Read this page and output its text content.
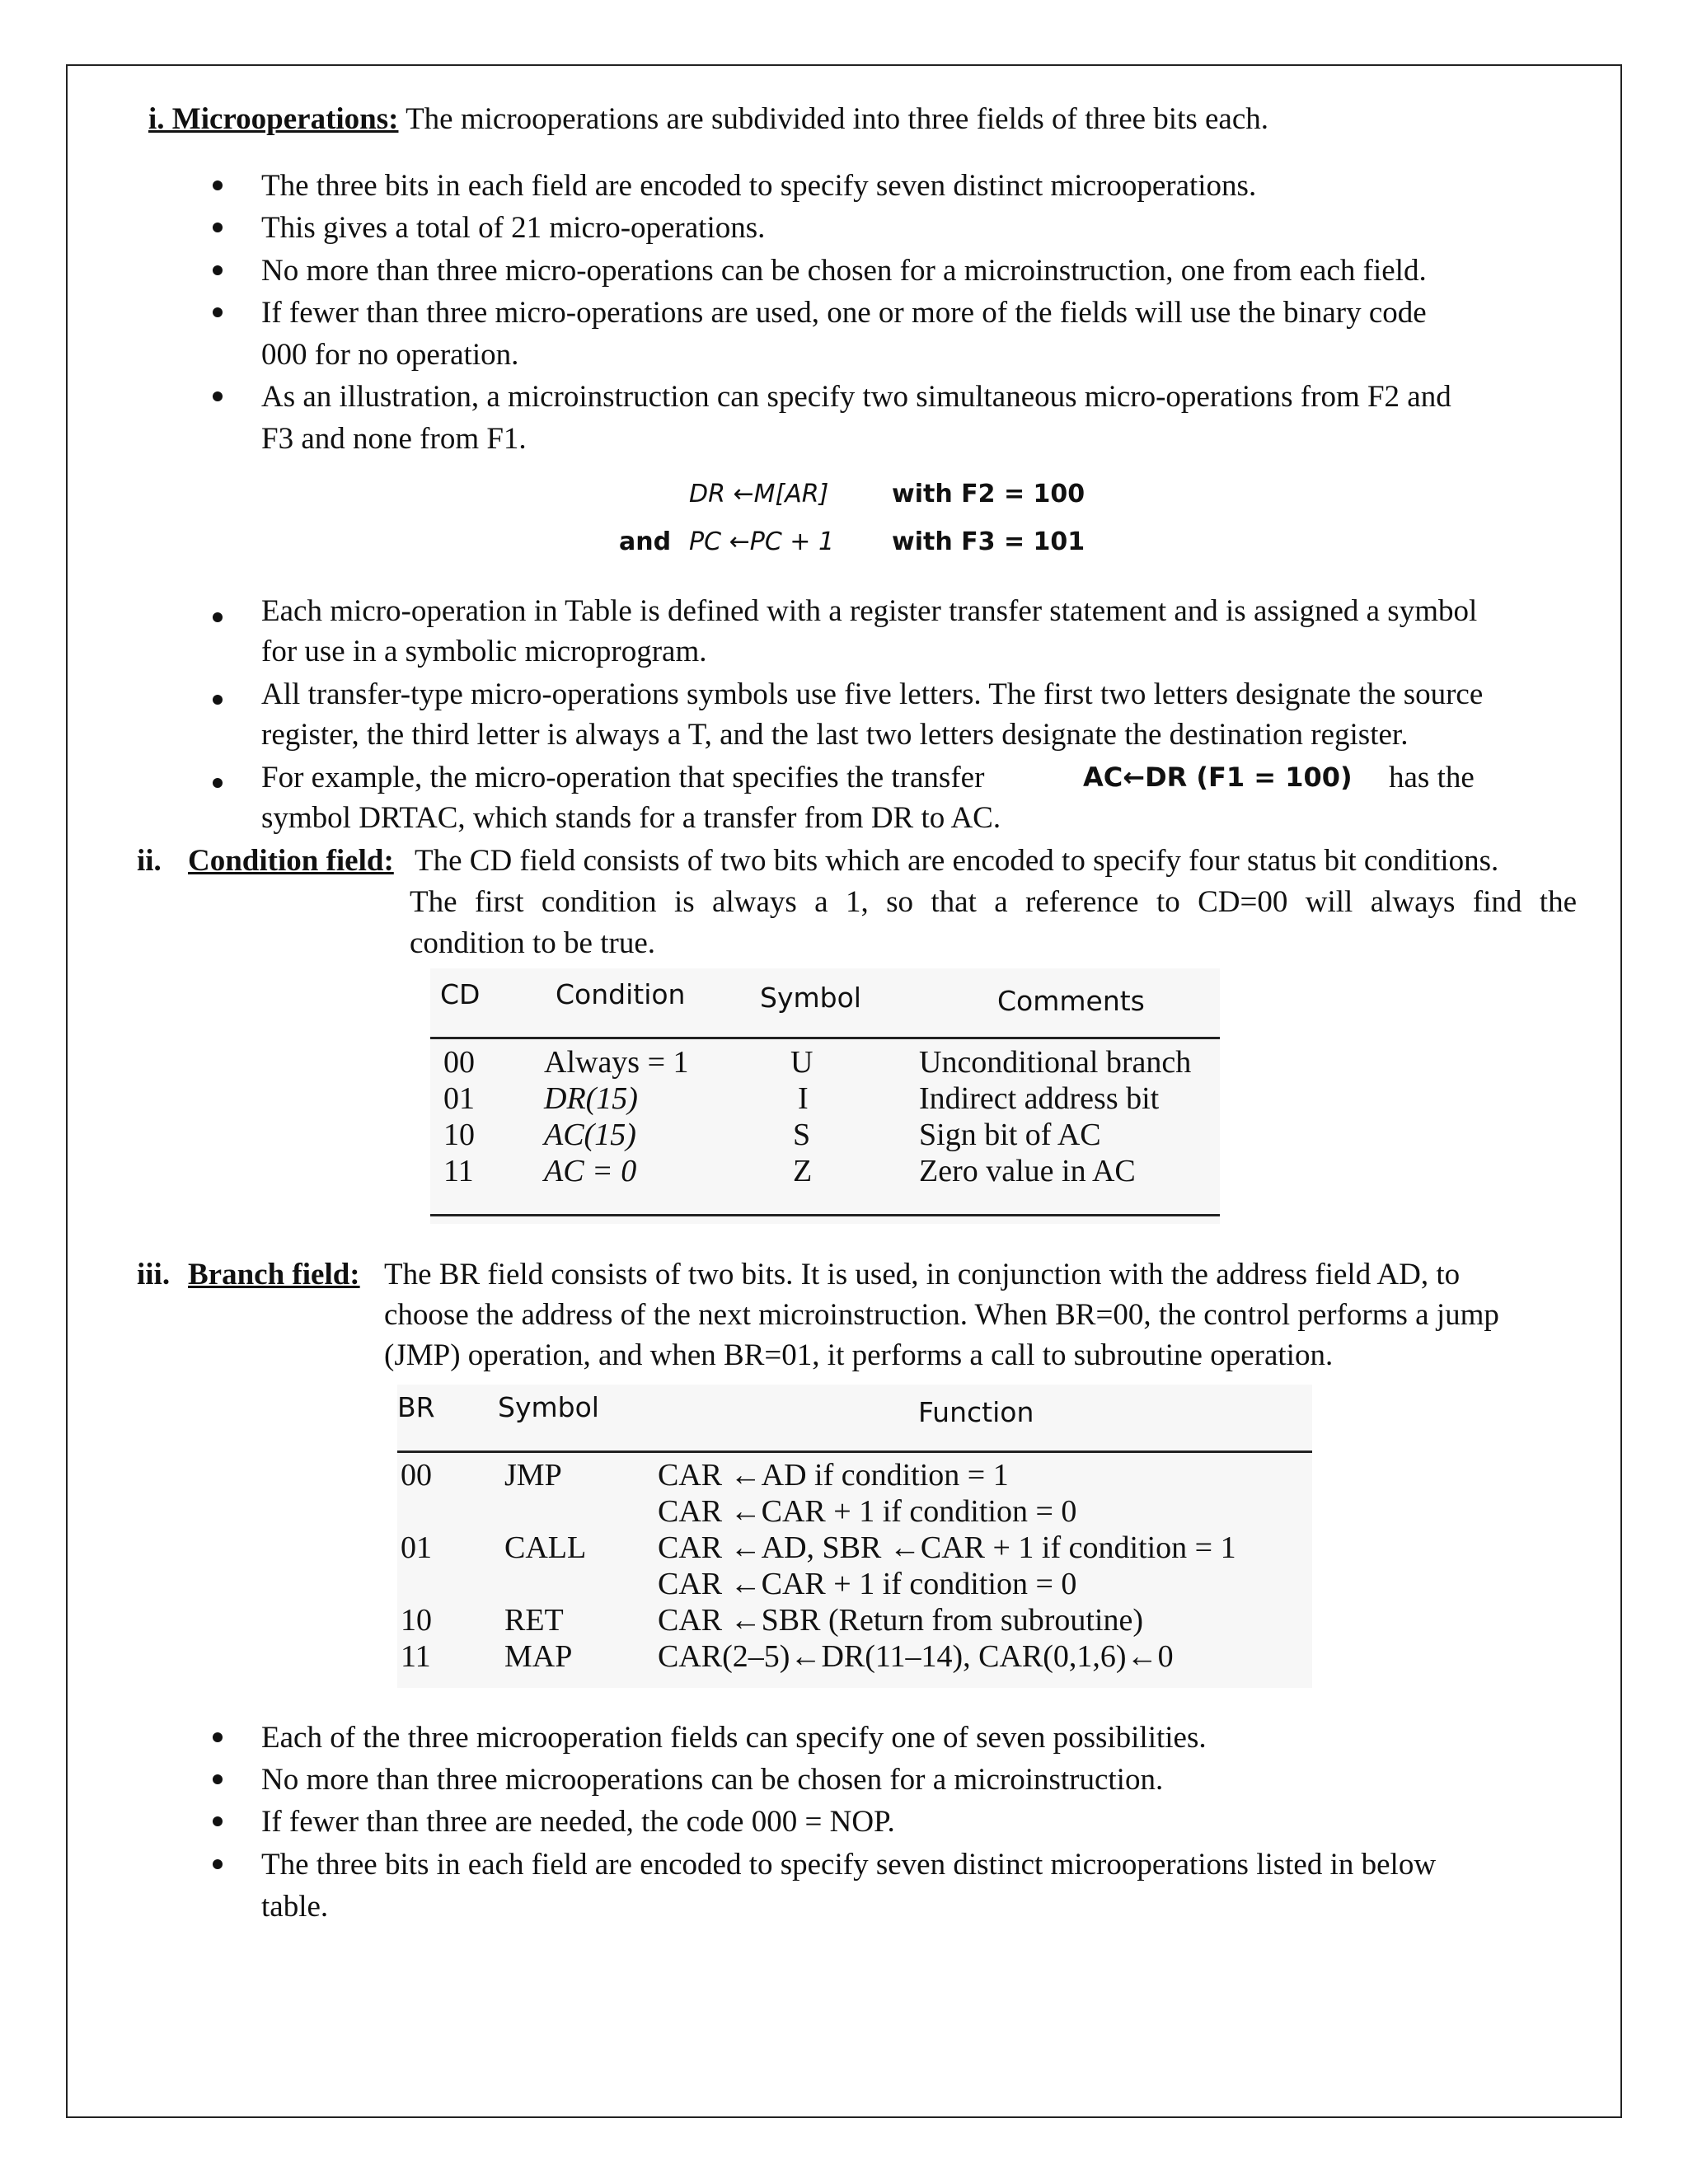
i. Microoperations: The microoperations are subdivided into three fields of three bits each.
The three bits in each field are encoded to specify seven distinct microoperations.
This gives a total of 21 micro-operations.
No more than three micro-operations can be chosen for a microinstruction, one from each field.
If fewer than three micro-operations are used, one or more of the fields will use the binary code
000 for no operation.
As an illustration, a microinstruction can specify two simultaneous micro-operations from F2 and
F3 and none from F1.
DR ←M[AR]	with F2 = 100
and PC ←PC + 1 with F3 = 101
Each micro-operation in Table is defined with a register transfer statement and is assigned a symbol
for use in a symbolic microprogram.
All transfer-type micro-operations symbols use five letters. The first two letters designate the source
register, the third letter is always a T, and the last two letters designate the destination register.
For example, the micro-operation that specifies the transfer	AC←DR (F1 = 100) has the
symbol DRTAC, which stands for a transfer from DR to AC.
ii. Condition field: The CD field consists of two bits which are encoded to specify four status bit conditions.
The first condition is always a 1, so that a reference to CD=00 will always find the
condition to be true.
CD	Condition	Symbol	Comments
00 Always = 1	U	Unconditional branch
01 DR(15)	I	Indirect address bit
10 AC(15)	S	Sign bit of AC
11 AC = 0	Z	Zero value in AC
iii. Branch field: The BR field consists of two bits. It is used, in conjunction with the address field AD, to
choose the address of the next microinstruction. When BR=00, the control performs a jump
(JMP) operation, and when BR=01, it performs a call to subroutine operation.
BR Symbol	Function
00 JMP	CAR ←AD if condition = 1
CAR ←CAR + 1 if condition = 0
01 CALL CAR ←AD, SBR ←CAR + 1 if condition = 1
CAR ←CAR + 1 if condition = 0
10 RET	CAR ←SBR (Return from subroutine)
11 MAP	CAR(2–5)←DR(11–14), CAR(0,1,6)←0
Each of the three microoperation fields can specify one of seven possibilities.
No more than three microoperations can be chosen for a microinstruction.
If fewer than three are needed, the code 000 = NOP.
The three bits in each field are encoded to specify seven distinct microoperations listed in below
table.
